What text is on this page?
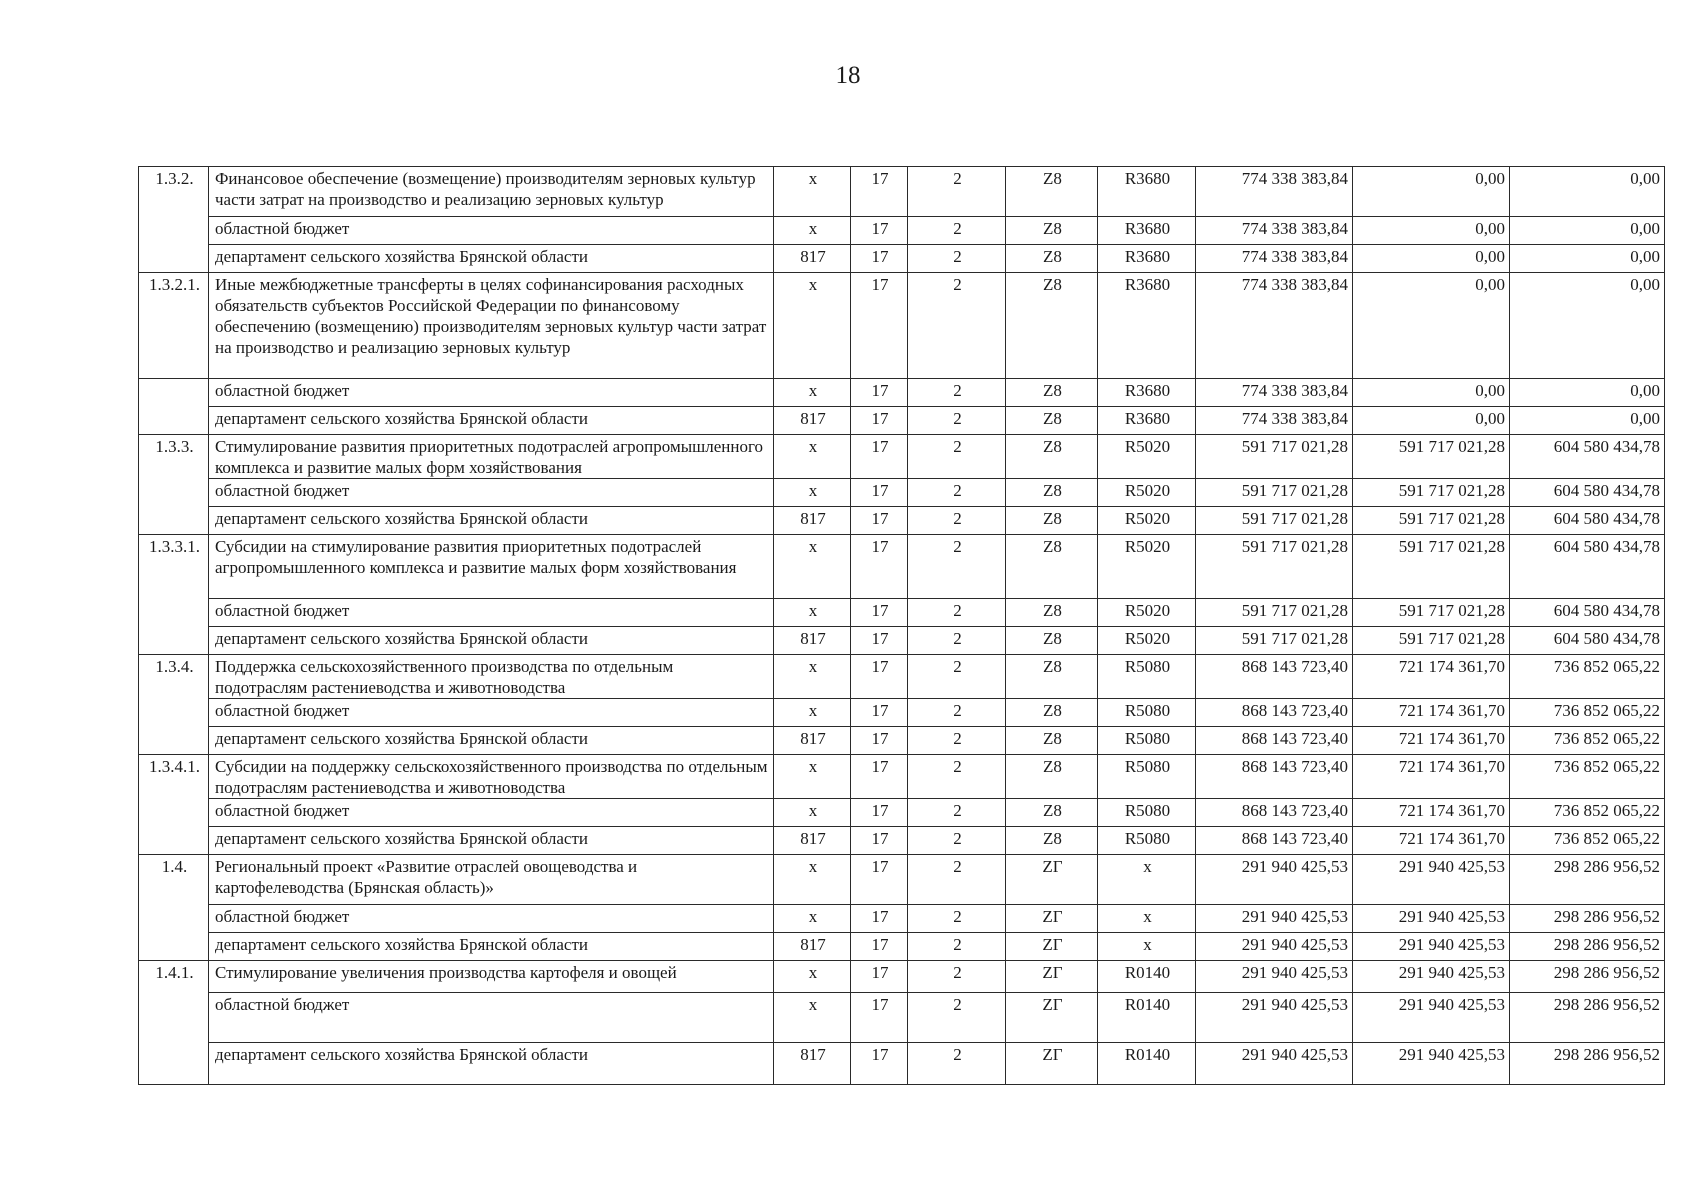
18
1.3.2.	Финансовое обеспечение (возмещение) производителям зерновых культур части затрат на производство и реализацию зерновых культур	x	17	2	Z8	R3680	774 338 383,84	0,00	0,00
	областной бюджет	x	17	2	Z8	R3680	774 338 383,84	0,00	0,00
	департамент сельского хозяйства Брянской области	817	17	2	Z8	R3680	774 338 383,84	0,00	0,00
1.3.2.1.	Иные межбюджетные трансферты в целях софинансирования расходных обязательств субъектов Российской Федерации по финансовому обеспечению (возмещению) производителям зерновых культур части затрат на производство и реализацию зерновых культур	x	17	2	Z8	R3680	774 338 383,84	0,00	0,00
	областной бюджет	x	17	2	Z8	R3680	774 338 383,84	0,00	0,00
	департамент сельского хозяйства Брянской области	817	17	2	Z8	R3680	774 338 383,84	0,00	0,00
1.3.3.	Стимулирование развития приоритетных подотраслей агропромышленного комплекса и развитие малых форм хозяйствования	x	17	2	Z8	R5020	591 717 021,28	591 717 021,28	604 580 434,78
	областной бюджет	x	17	2	Z8	R5020	591 717 021,28	591 717 021,28	604 580 434,78
	департамент сельского хозяйства Брянской области	817	17	2	Z8	R5020	591 717 021,28	591 717 021,28	604 580 434,78
1.3.3.1.	Субсидии на стимулирование развития приоритетных подотраслей агропромышленного комплекса и развитие малых форм хозяйствования	x	17	2	Z8	R5020	591 717 021,28	591 717 021,28	604 580 434,78
	областной бюджет	x	17	2	Z8	R5020	591 717 021,28	591 717 021,28	604 580 434,78
	департамент сельского хозяйства Брянской области	817	17	2	Z8	R5020	591 717 021,28	591 717 021,28	604 580 434,78
1.3.4.	Поддержка сельскохозяйственного производства по отдельным подотраслям растениеводства и животноводства	x	17	2	Z8	R5080	868 143 723,40	721 174 361,70	736 852 065,22
	областной бюджет	x	17	2	Z8	R5080	868 143 723,40	721 174 361,70	736 852 065,22
	департамент сельского хозяйства Брянской области	817	17	2	Z8	R5080	868 143 723,40	721 174 361,70	736 852 065,22
1.3.4.1.	Субсидии на поддержку сельскохозяйственного производства по отдельным подотраслям растениеводства и животноводства	x	17	2	Z8	R5080	868 143 723,40	721 174 361,70	736 852 065,22
	областной бюджет	x	17	2	Z8	R5080	868 143 723,40	721 174 361,70	736 852 065,22
	департамент сельского хозяйства Брянской области	817	17	2	Z8	R5080	868 143 723,40	721 174 361,70	736 852 065,22
1.4.	Региональный проект «Развитие отраслей овощеводства и картофелеводства (Брянская область)»	x	17	2	ZГ	x	291 940 425,53	291 940 425,53	298 286 956,52
	областной бюджет	x	17	2	ZГ	x	291 940 425,53	291 940 425,53	298 286 956,52
	департамент сельского хозяйства Брянской области	817	17	2	ZГ	x	291 940 425,53	291 940 425,53	298 286 956,52
1.4.1.	Стимулирование увеличения производства картофеля и овощей	x	17	2	ZГ	R0140	291 940 425,53	291 940 425,53	298 286 956,52
	областной бюджет	x	17	2	ZГ	R0140	291 940 425,53	291 940 425,53	298 286 956,52
	департамент сельского хозяйства Брянской области	817	17	2	ZГ	R0140	291 940 425,53	291 940 425,53	298 286 956,52
